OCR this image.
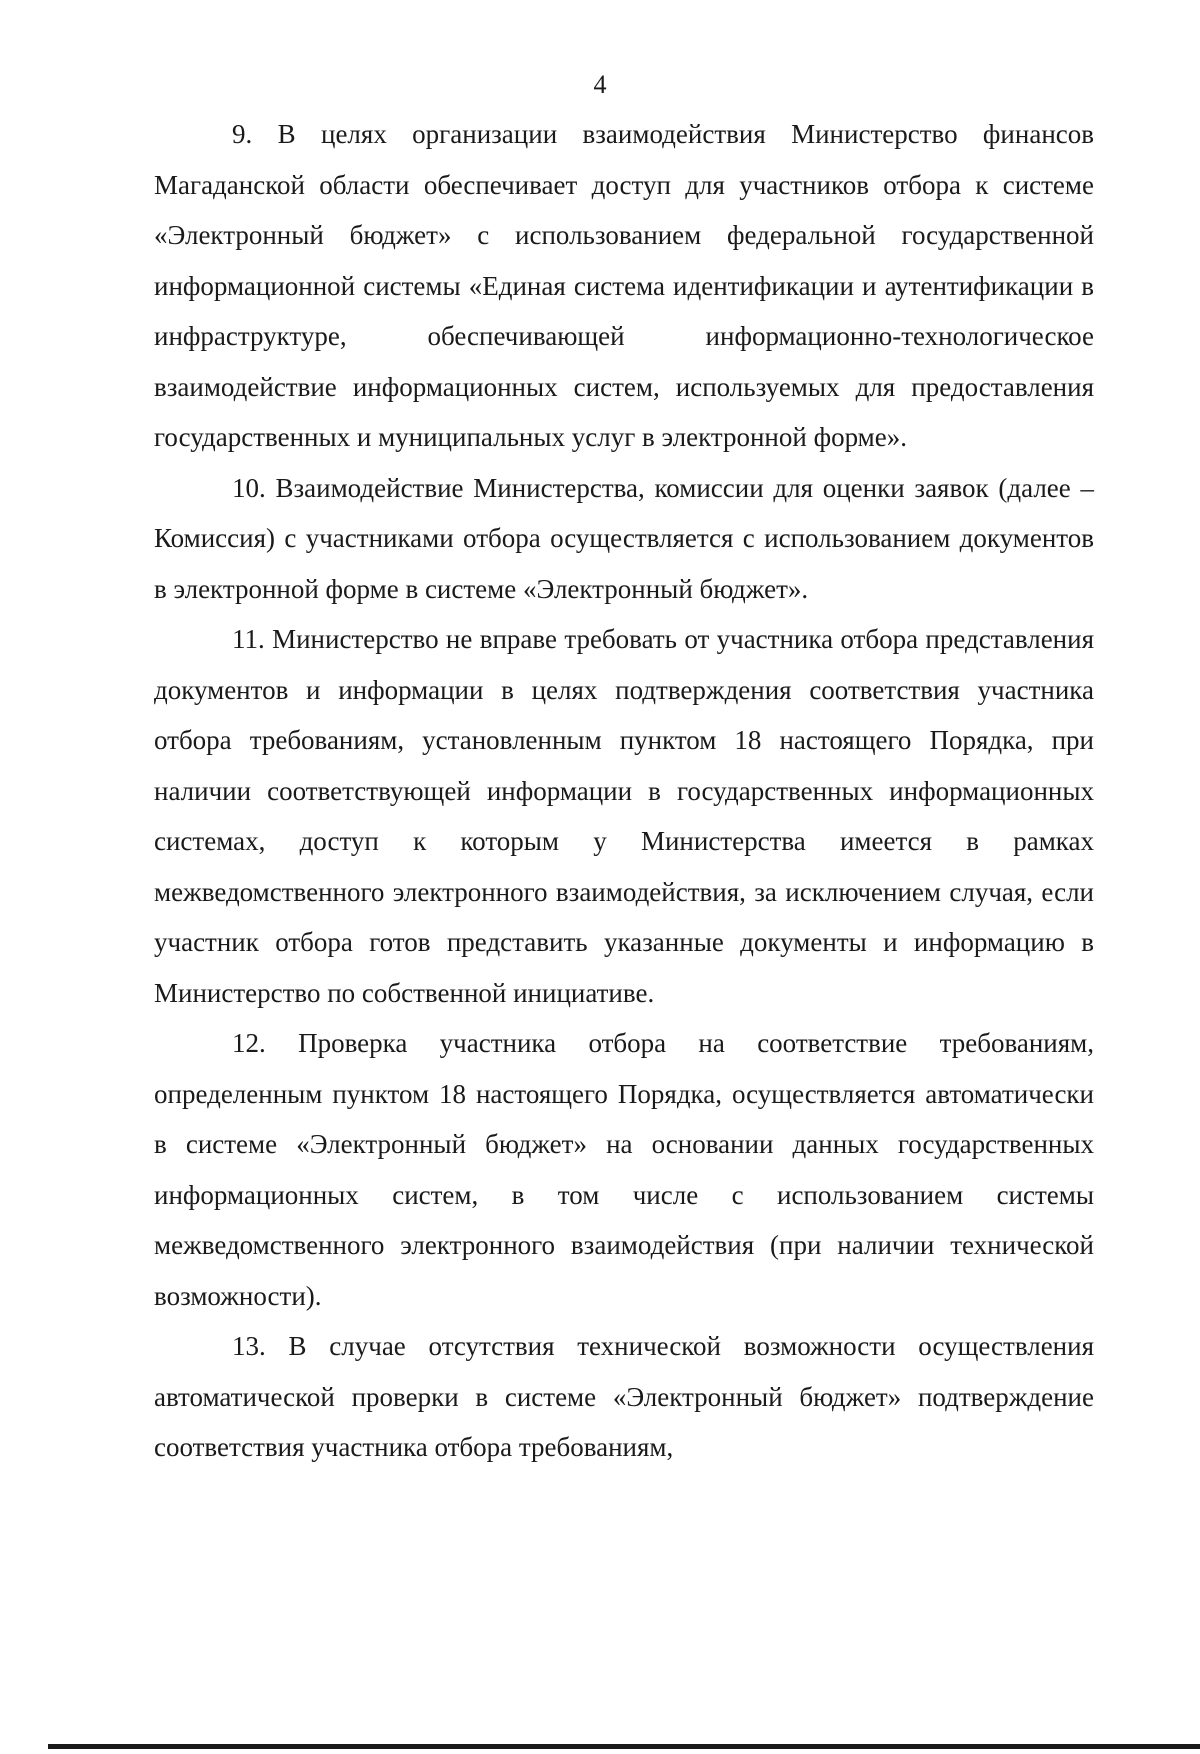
4

9. В целях организации взаимодействия Министерство финансов Магаданской области обеспечивает доступ для участников отбора к системе «Электронный бюджет» с использованием федеральной государственной информационной системы «Единая система идентификации и аутентификации в инфраструктуре, обеспечивающей информационно-технологическое взаимодействие информационных систем, используемых для предоставления государственных и муниципальных услуг в электронной форме».

10. Взаимодействие Министерства, комиссии для оценки заявок (далее – Комиссия) с участниками отбора осуществляется с использованием документов в электронной форме в системе «Электронный бюджет».

11. Министерство не вправе требовать от участника отбора представления документов и информации в целях подтверждения соответствия участника отбора требованиям, установленным пунктом 18 настоящего Порядка, при наличии соответствующей информации в государственных информационных системах, доступ к которым у Министерства имеется в рамках межведомственного электронного взаимодействия, за исключением случая, если участник отбора готов представить указанные документы и информацию в Министерство по собственной инициативе.

12. Проверка участника отбора на соответствие требованиям, определенным пунктом 18 настоящего Порядка, осуществляется автоматически в системе «Электронный бюджет» на основании данных государственных информационных систем, в том числе с использованием системы межведомственного электронного взаимодействия (при наличии технической возможности).

13. В случае отсутствия технической возможности осуществления автоматической проверки в системе «Электронный бюджет» подтверждение соответствия участника отбора требованиям,
